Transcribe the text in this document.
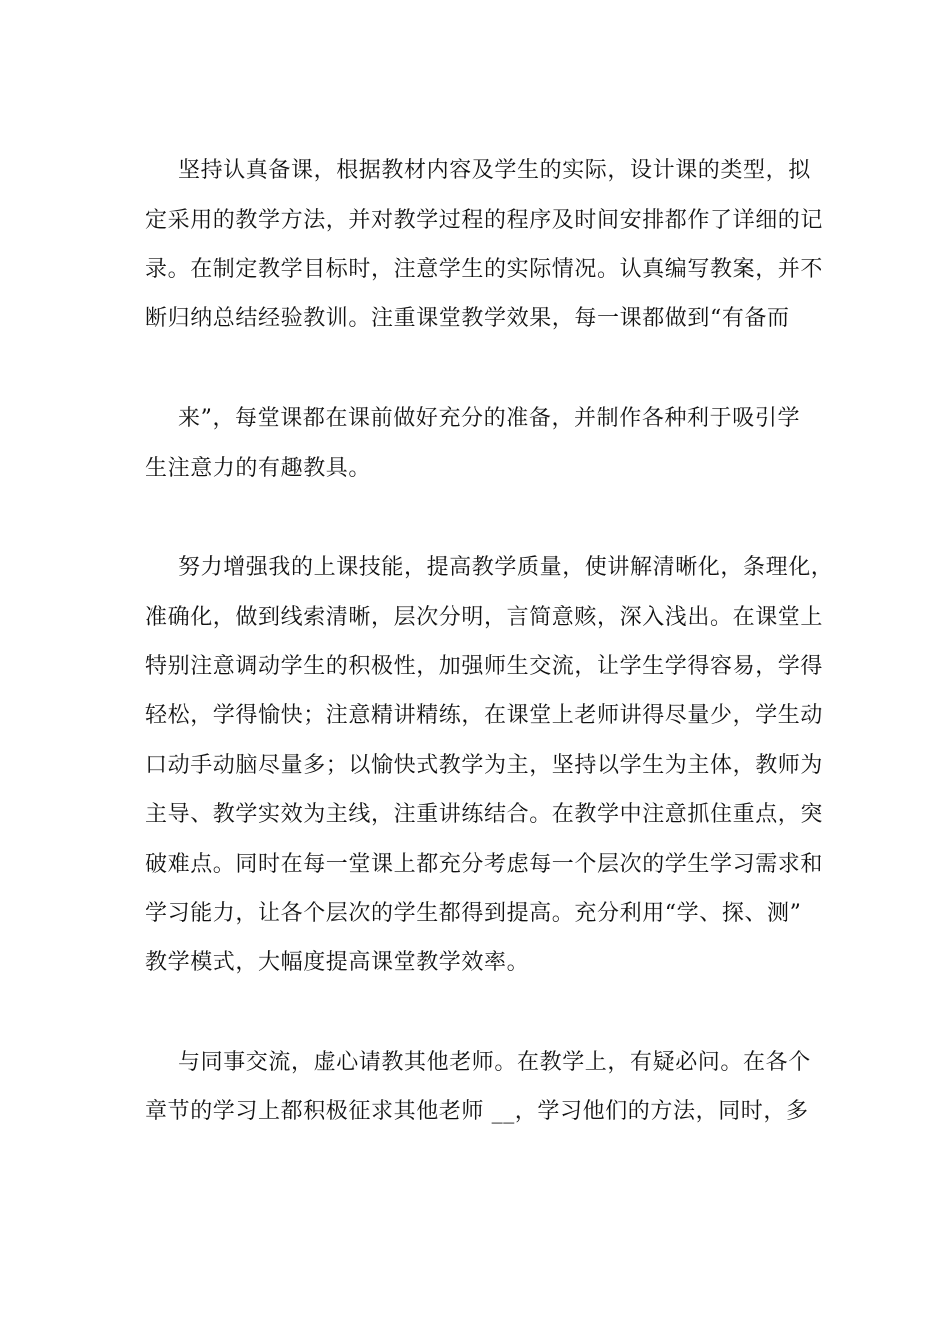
坚持认真备课，根据教材内容及学生的实际，设计课的类型，拟
定采用的教学方法，并对教学过程的程序及时间安排都作了详细的记
录。在制定教学目标时，注意学生的实际情况。认真编写教案，并不
断归纳总结经验教训。注重课堂教学效果，每一课都做到“有备而
来”，每堂课都在课前做好充分的准备，并制作各种利于吸引学
生注意力的有趣教具。
努力增强我的上课技能，提高教学质量，使讲解清晰化，条理化，
准确化，做到线索清晰，层次分明，言简意赅，深入浅出。在课堂上
特别注意调动学生的积极性，加强师生交流，让学生学得容易，学得
轻松，学得愉快；注意精讲精练，在课堂上老师讲得尽量少，学生动
口动手动脑尽量多；以愉快式教学为主，坚持以学生为主体，教师为
主导、教学实效为主线，注重讲练结合。在教学中注意抓住重点，突
破难点。同时在每一堂课上都充分考虑每一个层次的学生学习需求和
学习能力，让各个层次的学生都得到提高。充分利用“学、探、测”
教学模式，大幅度提高课堂教学效率。
与同事交流，虚心请教其他老师。在教学上，有疑必问。在各个
章节的学习上都积极征求其他老师 __，学习他们的方法，同时，多
